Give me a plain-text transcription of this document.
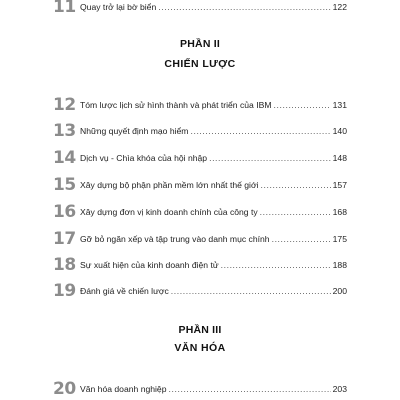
11 Quay trở lại bờ biển .....	122
PHẦN II
CHIẾN LƯỢC
12 Tóm lược lịch sử hình thành và phát triển của IBM .....	131
13 Những quyết định mạo hiểm .....	140
14 Dịch vụ - Chìa khóa của hội nhập .....	148
15 Xây dựng bộ phận phần mềm lớn nhất thế giới .....	157
16 Xây dựng đơn vị kinh doanh chính của công ty .....	168
17 Gỡ bỏ ngăn xếp và tập trung vào danh mục chính .....	175
18 Sự xuất hiện của kinh doanh điện tử .....	188
19 Đánh giá về chiến lược .....	200
PHẦN III
VĂN HÓA
20 Văn hóa doanh nghiệp .....	203
